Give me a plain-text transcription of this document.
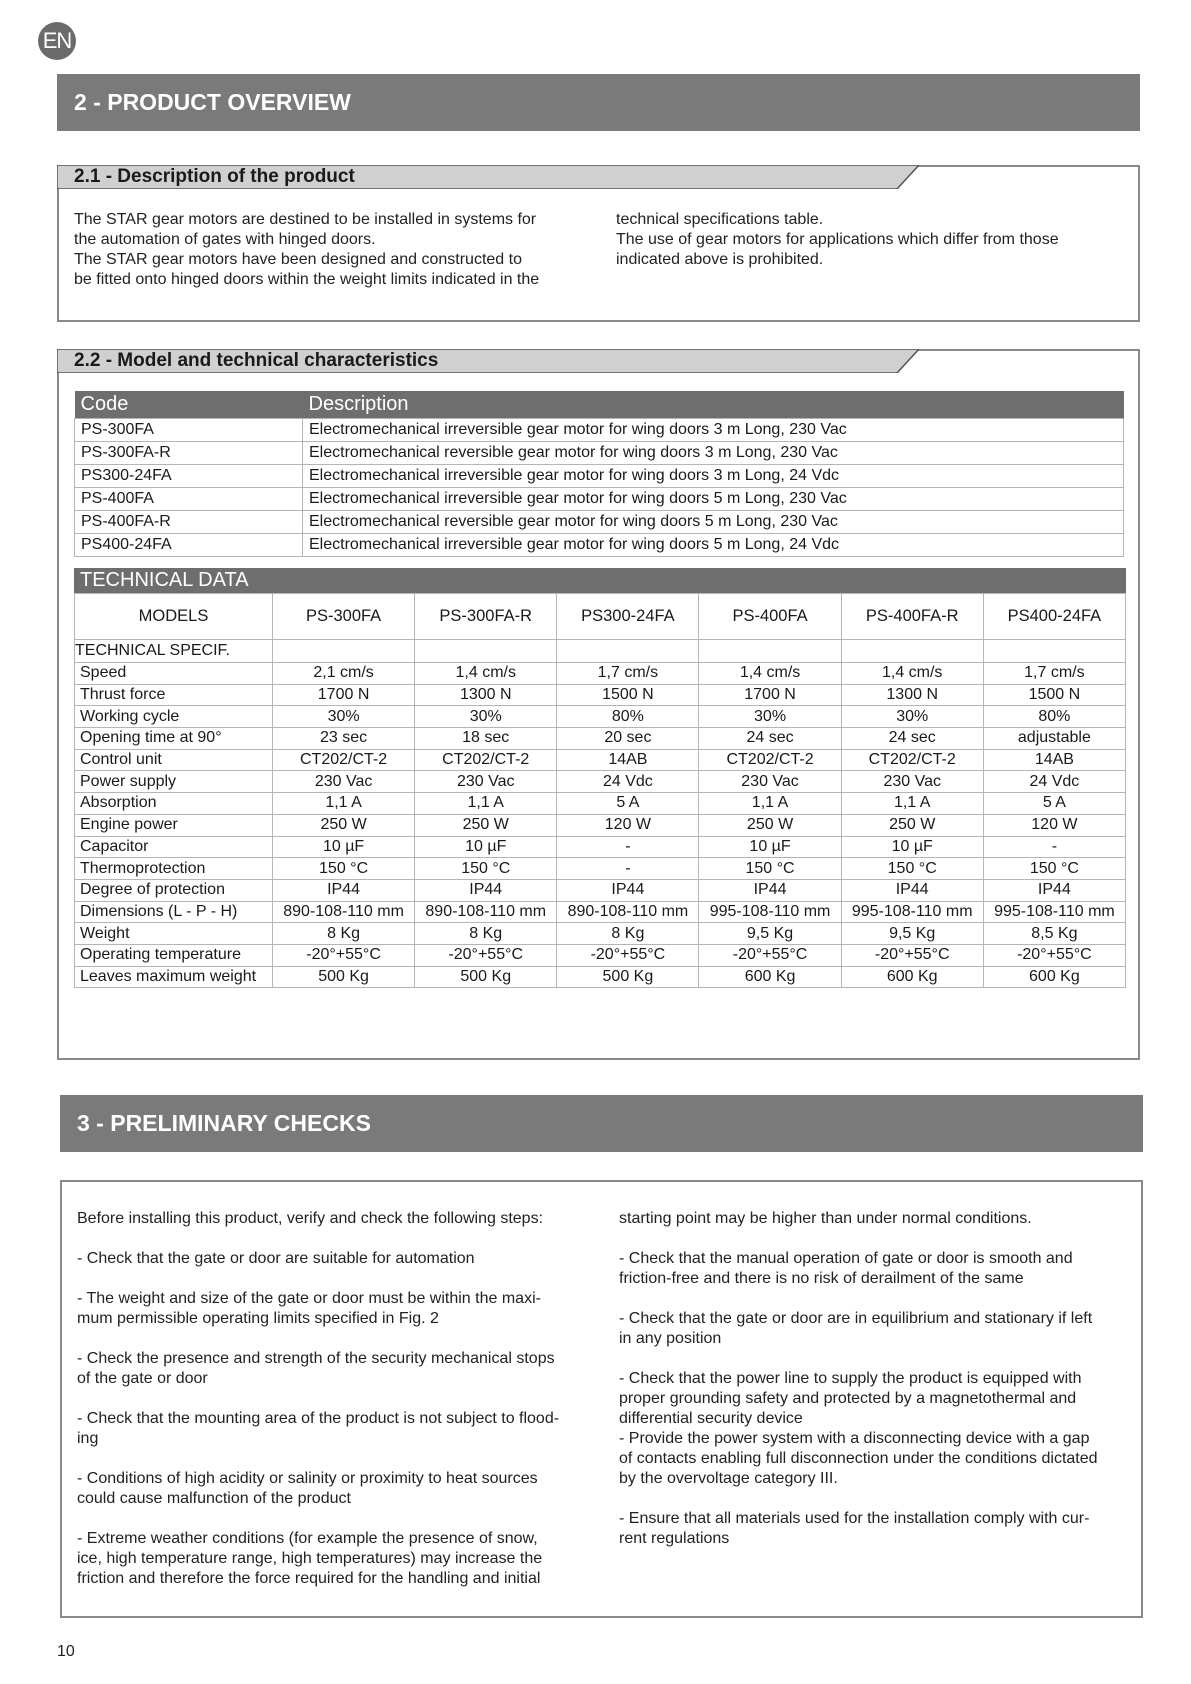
EN
2 - PRODUCT OVERVIEW
2.1 - Description of the product
The STAR gear motors are destined to be installed in systems for
the automation of gates with hinged doors.
The STAR gear motors have been designed and constructed to
be fitted onto hinged doors within the weight limits indicated in the
technical specifications table.
The use of gear motors for applications which differ from those
indicated above is prohibited.
2.2 - Model and technical characteristics
Code	Description
PS-300FA	Electromechanical irreversible gear motor for wing doors 3 m Long, 230 Vac
PS-300FA-R	Electromechanical reversible gear motor for wing doors 3 m Long, 230 Vac
PS300-24FA	Electromechanical irreversible gear motor for wing doors 3 m Long, 24 Vdc
PS-400FA	Electromechanical irreversible gear motor for wing doors 5 m Long, 230 Vac
PS-400FA-R	Electromechanical reversible gear motor for wing doors 5 m Long, 230 Vac
PS400-24FA	Electromechanical irreversible gear motor for wing doors 5 m Long, 24 Vdc
TECHNICAL DATA
MODELS	PS-300FA	PS-300FA-R	PS300-24FA	PS-400FA	PS-400FA-R	PS400-24FA
TECHNICAL SPECIF.						
Speed	2,1 cm/s	1,4 cm/s	1,7 cm/s	1,4 cm/s	1,4 cm/s	1,7 cm/s
Thrust force	1700 N	1300 N	1500 N	1700 N	1300 N	1500 N
Working cycle	30%	30%	80%	30%	30%	80%
Opening time at 90°	23 sec	18 sec	20 sec	24 sec	24 sec	adjustable
Control unit	CT202/CT-2	CT202/CT-2	14AB	CT202/CT-2	CT202/CT-2	14AB
Power supply	230 Vac	230 Vac	24 Vdc	230 Vac	230 Vac	24 Vdc
Absorption	1,1 A	1,1 A	5 A	1,1 A	1,1 A	5 A
Engine power	250 W	250 W	120 W	250 W	250 W	120 W
Capacitor	10 µF	10 µF	-	10 µF	10 µF	-
Thermoprotection	150 °C	150 °C	-	150 °C	150 °C	150 °C
Degree of protection	IP44	IP44	IP44	IP44	IP44	IP44
Dimensions (L - P - H)	890-108-110 mm	890-108-110 mm	890-108-110 mm	995-108-110 mm	995-108-110 mm	995-108-110 mm
Weight	8 Kg	8 Kg	8 Kg	9,5 Kg	9,5 Kg	8,5 Kg
Operating temperature	-20°+55°C	-20°+55°C	-20°+55°C	-20°+55°C	-20°+55°C	-20°+55°C
Leaves maximum weight	500 Kg	500 Kg	500 Kg	600 Kg	600 Kg	600 Kg
3 - PRELIMINARY CHECKS
Before installing this product, verify and check the following steps:
- Check that the gate or door are suitable for automation
- The weight and size of the gate or door must be within the maxi-
mum permissible operating limits specified in Fig. 2
- Check the presence and strength of the security mechanical stops
of the gate or door
- Check that the mounting area of the product is not subject to flood-
ing
- Conditions of high acidity or salinity or proximity to heat sources
could cause malfunction of the product
- Extreme weather conditions (for example the presence of snow,
ice, high temperature range, high temperatures) may increase the
friction and therefore the force required for the handling and initial
starting point may be higher than under normal conditions.
- Check that the manual operation of gate or door is smooth and
friction-free and there is no risk of derailment of the same
- Check that the gate or door are in equilibrium and stationary if left
in any position
- Check that the power line to supply the product is equipped with
proper grounding safety and protected by a magnetothermal and
differential security device
- Provide the power system with a disconnecting device with a gap
of contacts enabling full disconnection under the conditions dictated
by the overvoltage category III.
- Ensure that all materials used for the installation comply with cur-
rent regulations
10
